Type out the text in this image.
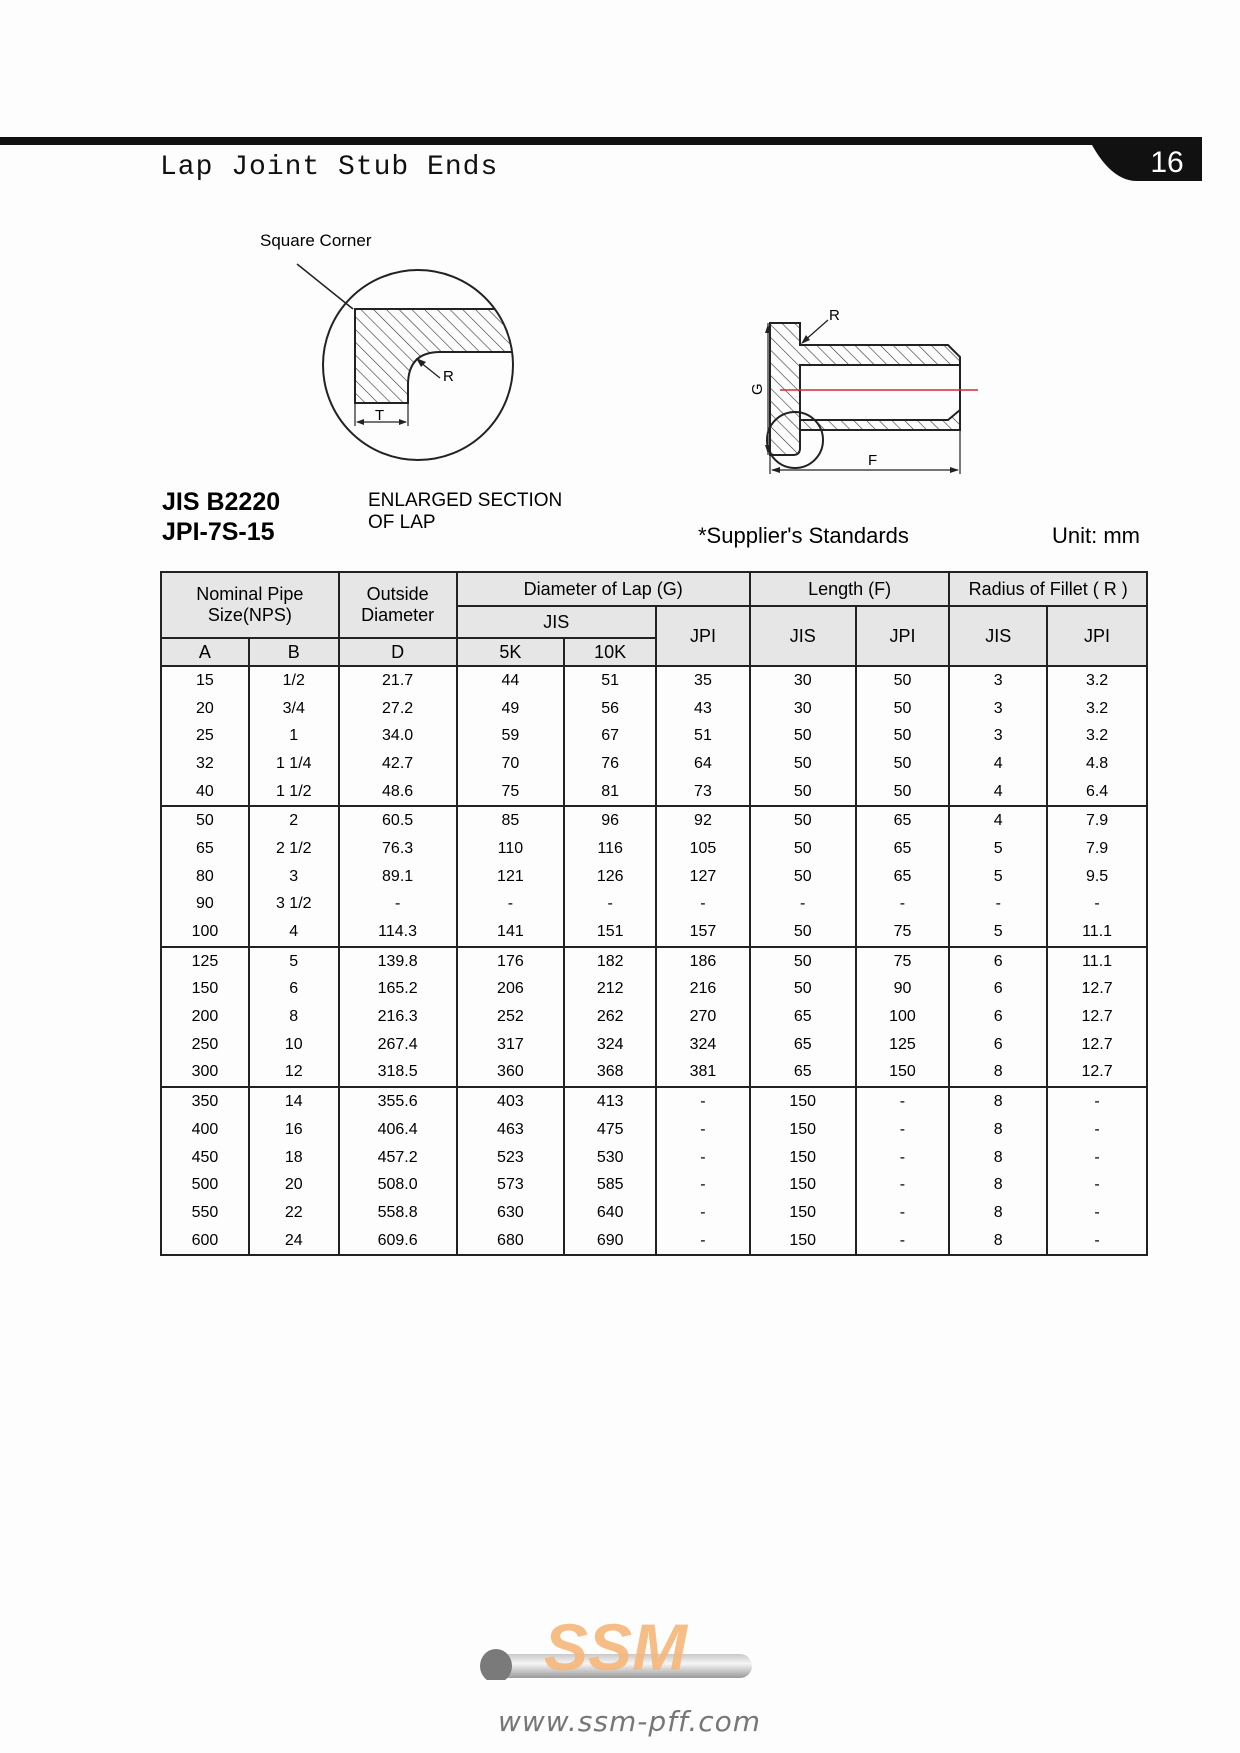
16
Lap Joint Stub Ends
R
T
R
F
G
Square Corner
JIS B2220
JPI-7S-15
ENLARGED SECTION
OF LAP
*Supplier's Standards	Unit: mm
Nominal Pipe Size(NPS)		Outside Diameter	Diameter of Lap (G)			Length (F)		Radius of Fillet ( R )	
			JIS		JPI	JIS	JPI	JIS	JPI
A	B	D	5K	10K					
15	1/2	21.7	44	51	35	30	50	3	3.2
20	3/4	27.2	49	56	43	30	50	3	3.2
25	1	34.0	59	67	51	50	50	3	3.2
32	1 1/4	42.7	70	76	64	50	50	4	4.8
40	1 1/2	48.6	75	81	73	50	50	4	6.4
50	2	60.5	85	96	92	50	65	4	7.9
65	2 1/2	76.3	110	116	105	50	65	5	7.9
80	3	89.1	121	126	127	50	65	5	9.5
90	3 1/2	-	-	-	-	-	-	-	-
100	4	114.3	141	151	157	50	75	5	11.1
125	5	139.8	176	182	186	50	75	6	11.1
150	6	165.2	206	212	216	50	90	6	12.7
200	8	216.3	252	262	270	65	100	6	12.7
250	10	267.4	317	324	324	65	125	6	12.7
300	12	318.5	360	368	381	65	150	8	12.7
350	14	355.6	403	413	-	150	-	8	-
400	16	406.4	463	475	-	150	-	8	-
450	18	457.2	523	530	-	150	-	8	-
500	20	508.0	573	585	-	150	-	8	-
550	22	558.8	630	640	-	150	-	8	-
600	24	609.6	680	690	-	150	-	8	-
SSM
www.ssm-pff.com
